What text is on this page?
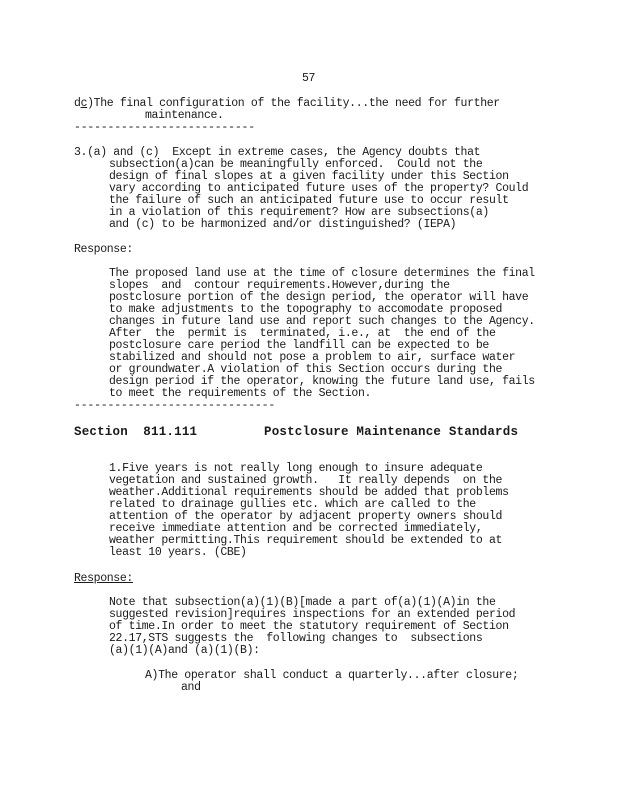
57
dc)The final configuration of the facility...the need for further
maintenance.
---------------------------
3.(a) and (c)  Except in extreme cases, the Agency doubts that
subsection(a)can be meaningfully enforced.  Could not the
design of final slopes at a given facility under this Section
vary according to anticipated future uses of the property? Could
the failure of such an anticipated future use to occur result
in a violation of this requirement? How are subsections(a)
and (c) to be harmonized and/or distinguished? (IEPA)
Response:
The proposed land use at the time of closure determines the final
slopes  and  contour requirements.However,during the
postclosure portion of the design period, the operator will have
to make adjustments to the topography to accomodate proposed
changes in future land use and report such changes to the Agency.
After  the  permit is  terminated, i.e., at  the end of the
postclosure care period the landfill can be expected to be
stabilized and should not pose a problem to air, surface water
or groundwater.A violation of this Section occurs during the
design period if the operator, knowing the future land use, fails
to meet the requirements of the Section.
------------------------------
Section  811.111	Postclosure Maintenance Standards
1.Five years is not really long enough to insure adequate
vegetation and sustained growth.   It really depends  on the
weather.Additional requirements should be added that problems
related to drainage gullies etc. which are called to the
attention of the operator by adjacent property owners should
receive immediate attention and be corrected immediately,
weather permitting.This requirement should be extended to at
least 10 years. (CBE)
Response:
Note that subsection(a)(1)(B)[made a part of(a)(1)(A)in the
suggested revision]requires inspections for an extended period
of time.In order to meet the statutory requirement of Section
22.17,STS suggests the  following changes to  subsections
(a)(1)(A)and (a)(1)(B):
A)The operator shall conduct a quarterly...after closure;
and
